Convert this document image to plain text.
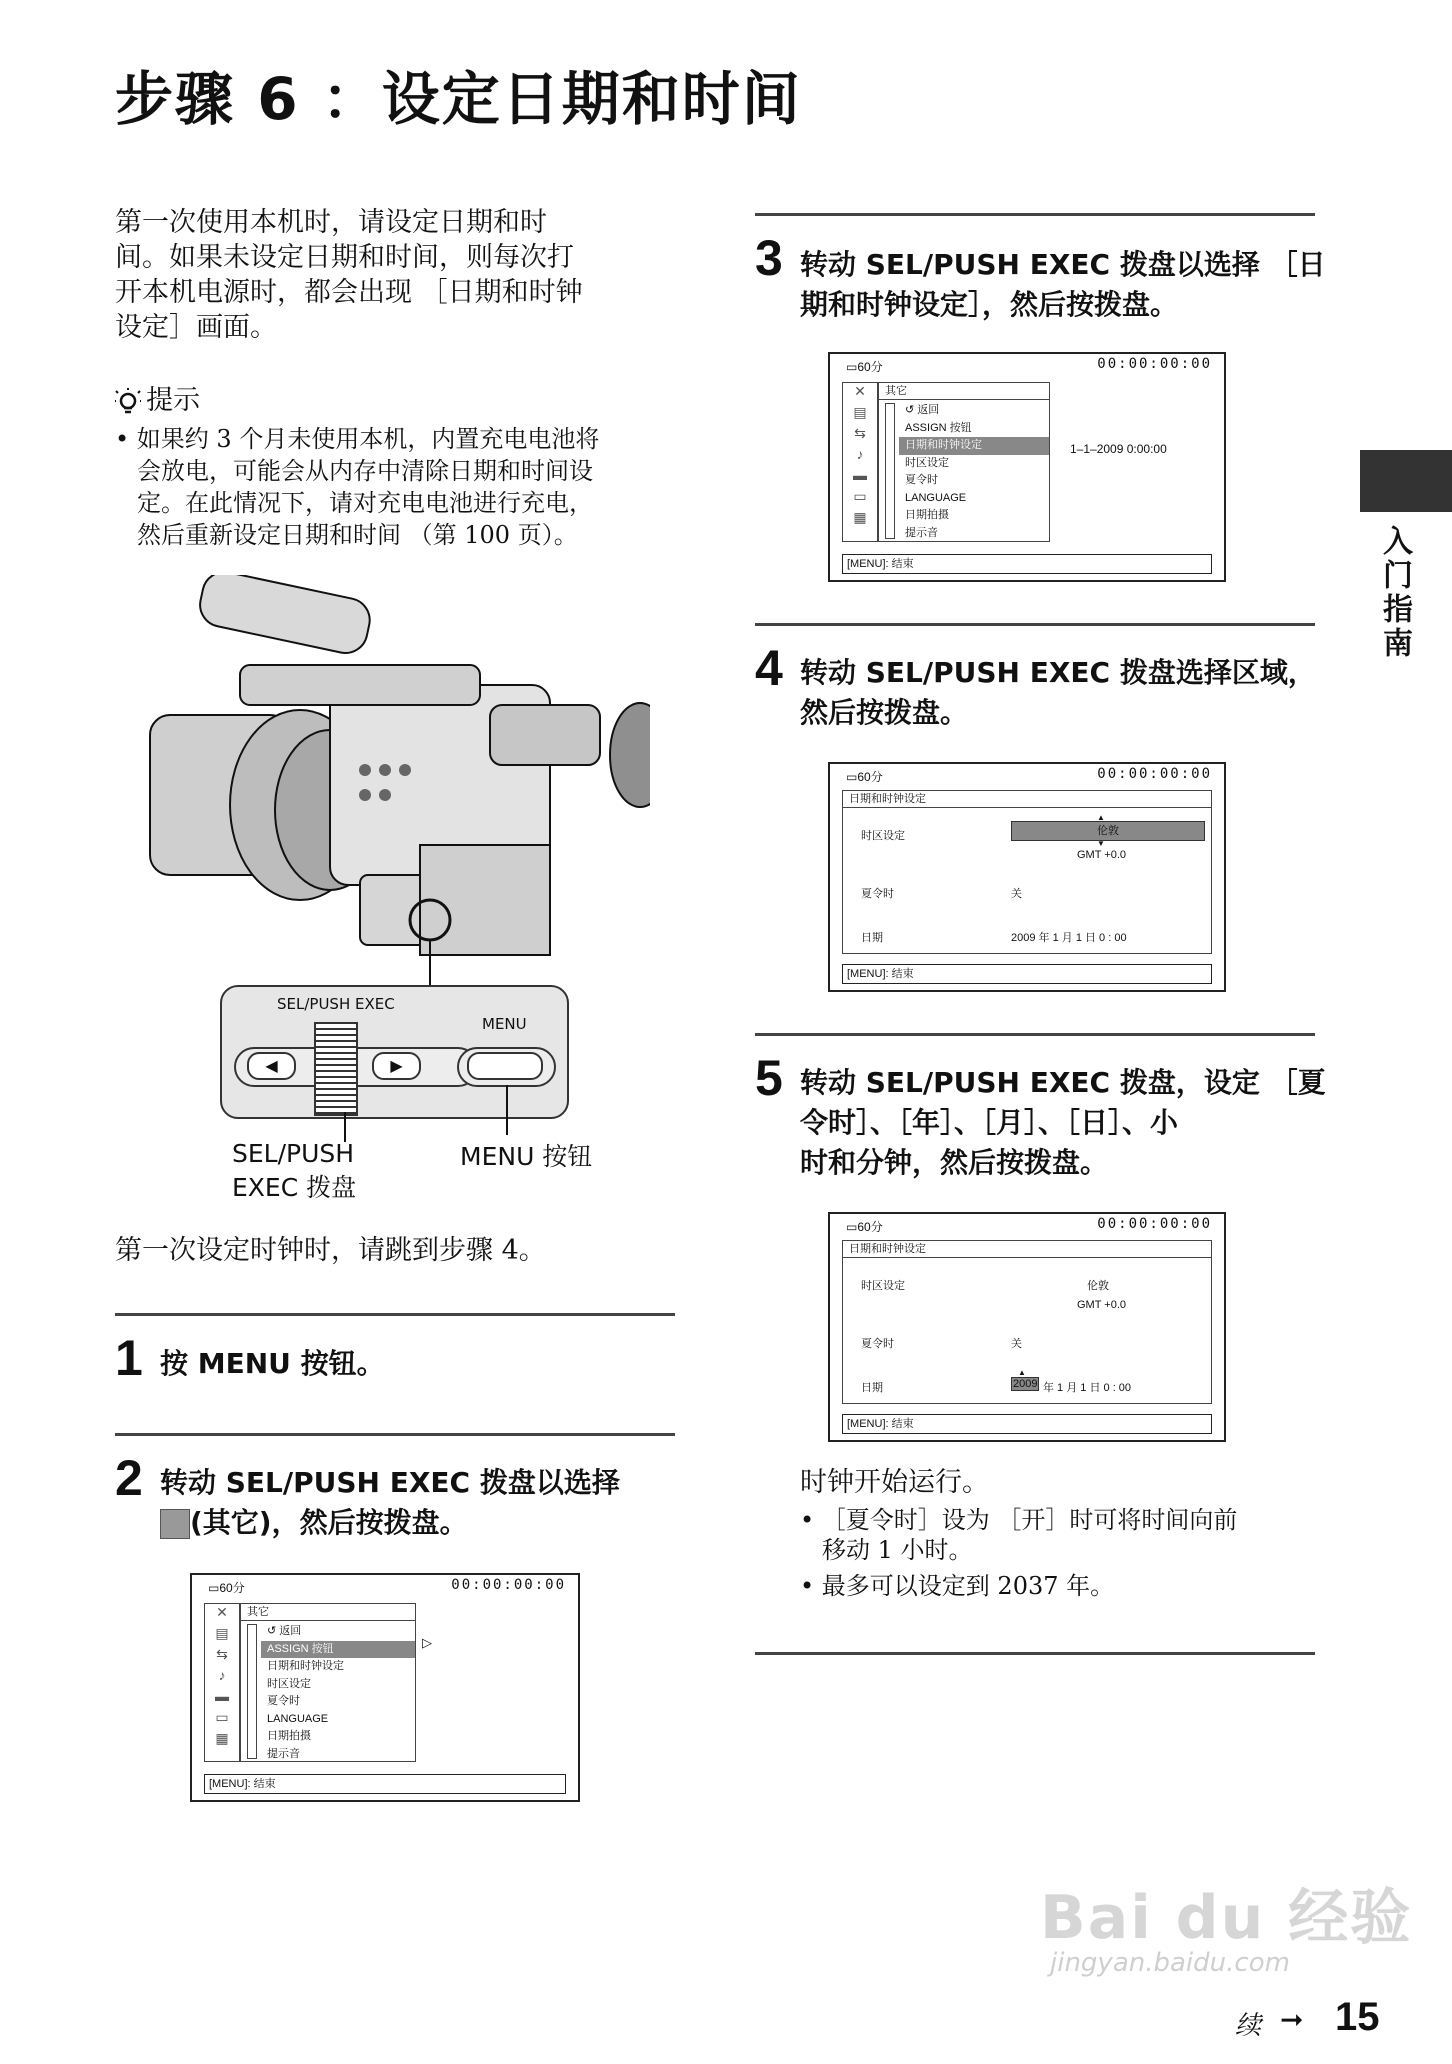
步骤 6 ：设定日期和时间
入门指南
第一次使用本机时，请设定日期和时
间。如果未设定日期和时间，则每次打
开本机电源时，都会出现 ［日期和时钟
设定］画面。
提示
• 如果约 3 个月未使用本机，内置充电电池将
会放电，可能会从内存中清除日期和时间设
定。在此情况下，请对充电电池进行充电，
然后重新设定日期和时间 （第 100 页）。
SEL/PUSH EXEC
MENU
◀	▶
SEL/PUSH
EXEC 拨盘
MENU 按钮
第一次设定时钟时，请跳到步骤 4。
1 按 MENU 按钮。
2 转动 SEL/PUSH EXEC 拨盘以选择
(其它)，然后按拨盘。
▭60分	00:00:00:00
✕
▤
⇆
♪
▬
▭
▦
其它
↺ 返回
ASSIGN 按钮
日期和时钟设定
时区设定
夏令时
LANGUAGE
日期拍摄
提示音
▷
[MENU]: 结束
3 转动 SEL/PUSH EXEC 拨盘以选择 ［日
期和时钟设定］，然后按拨盘。
▭60分	00:00:00:00
✕
▤
⇆
♪
▬
▭
▦
其它
↺ 返回
ASSIGN 按钮
日期和时钟设定
时区设定
夏令时
LANGUAGE
日期拍摄
提示音
1–1–2009 0:00:00
[MENU]: 结束
4 转动 SEL/PUSH EXEC 拨盘选择区域，
然后按拨盘。
▭60分	00:00:00:00
日期和时钟设定
时区设定	伦敦
▲
▼
GMT +0.0
夏令时	关
日期	2009 年 1 月 1 日 0 : 00
[MENU]: 结束
5 转动 SEL/PUSH EXEC 拨盘，设定 ［夏
令时］、［年］、［月］、［日］、小
时和分钟，然后按拨盘。
▭60分	00:00:00:00
日期和时钟设定
时区设定	伦敦
GMT +0.0
夏令时	关
日期	2009
▲
年 1 月 1 日 0 : 00
[MENU]: 结束
时钟开始运行。
• ［夏令时］设为 ［开］时可将时间向前
移动 1 小时。
• 最多可以设定到 2037 年。
Bai du 经验
jingyan.baidu.com
续 ➞ 15
